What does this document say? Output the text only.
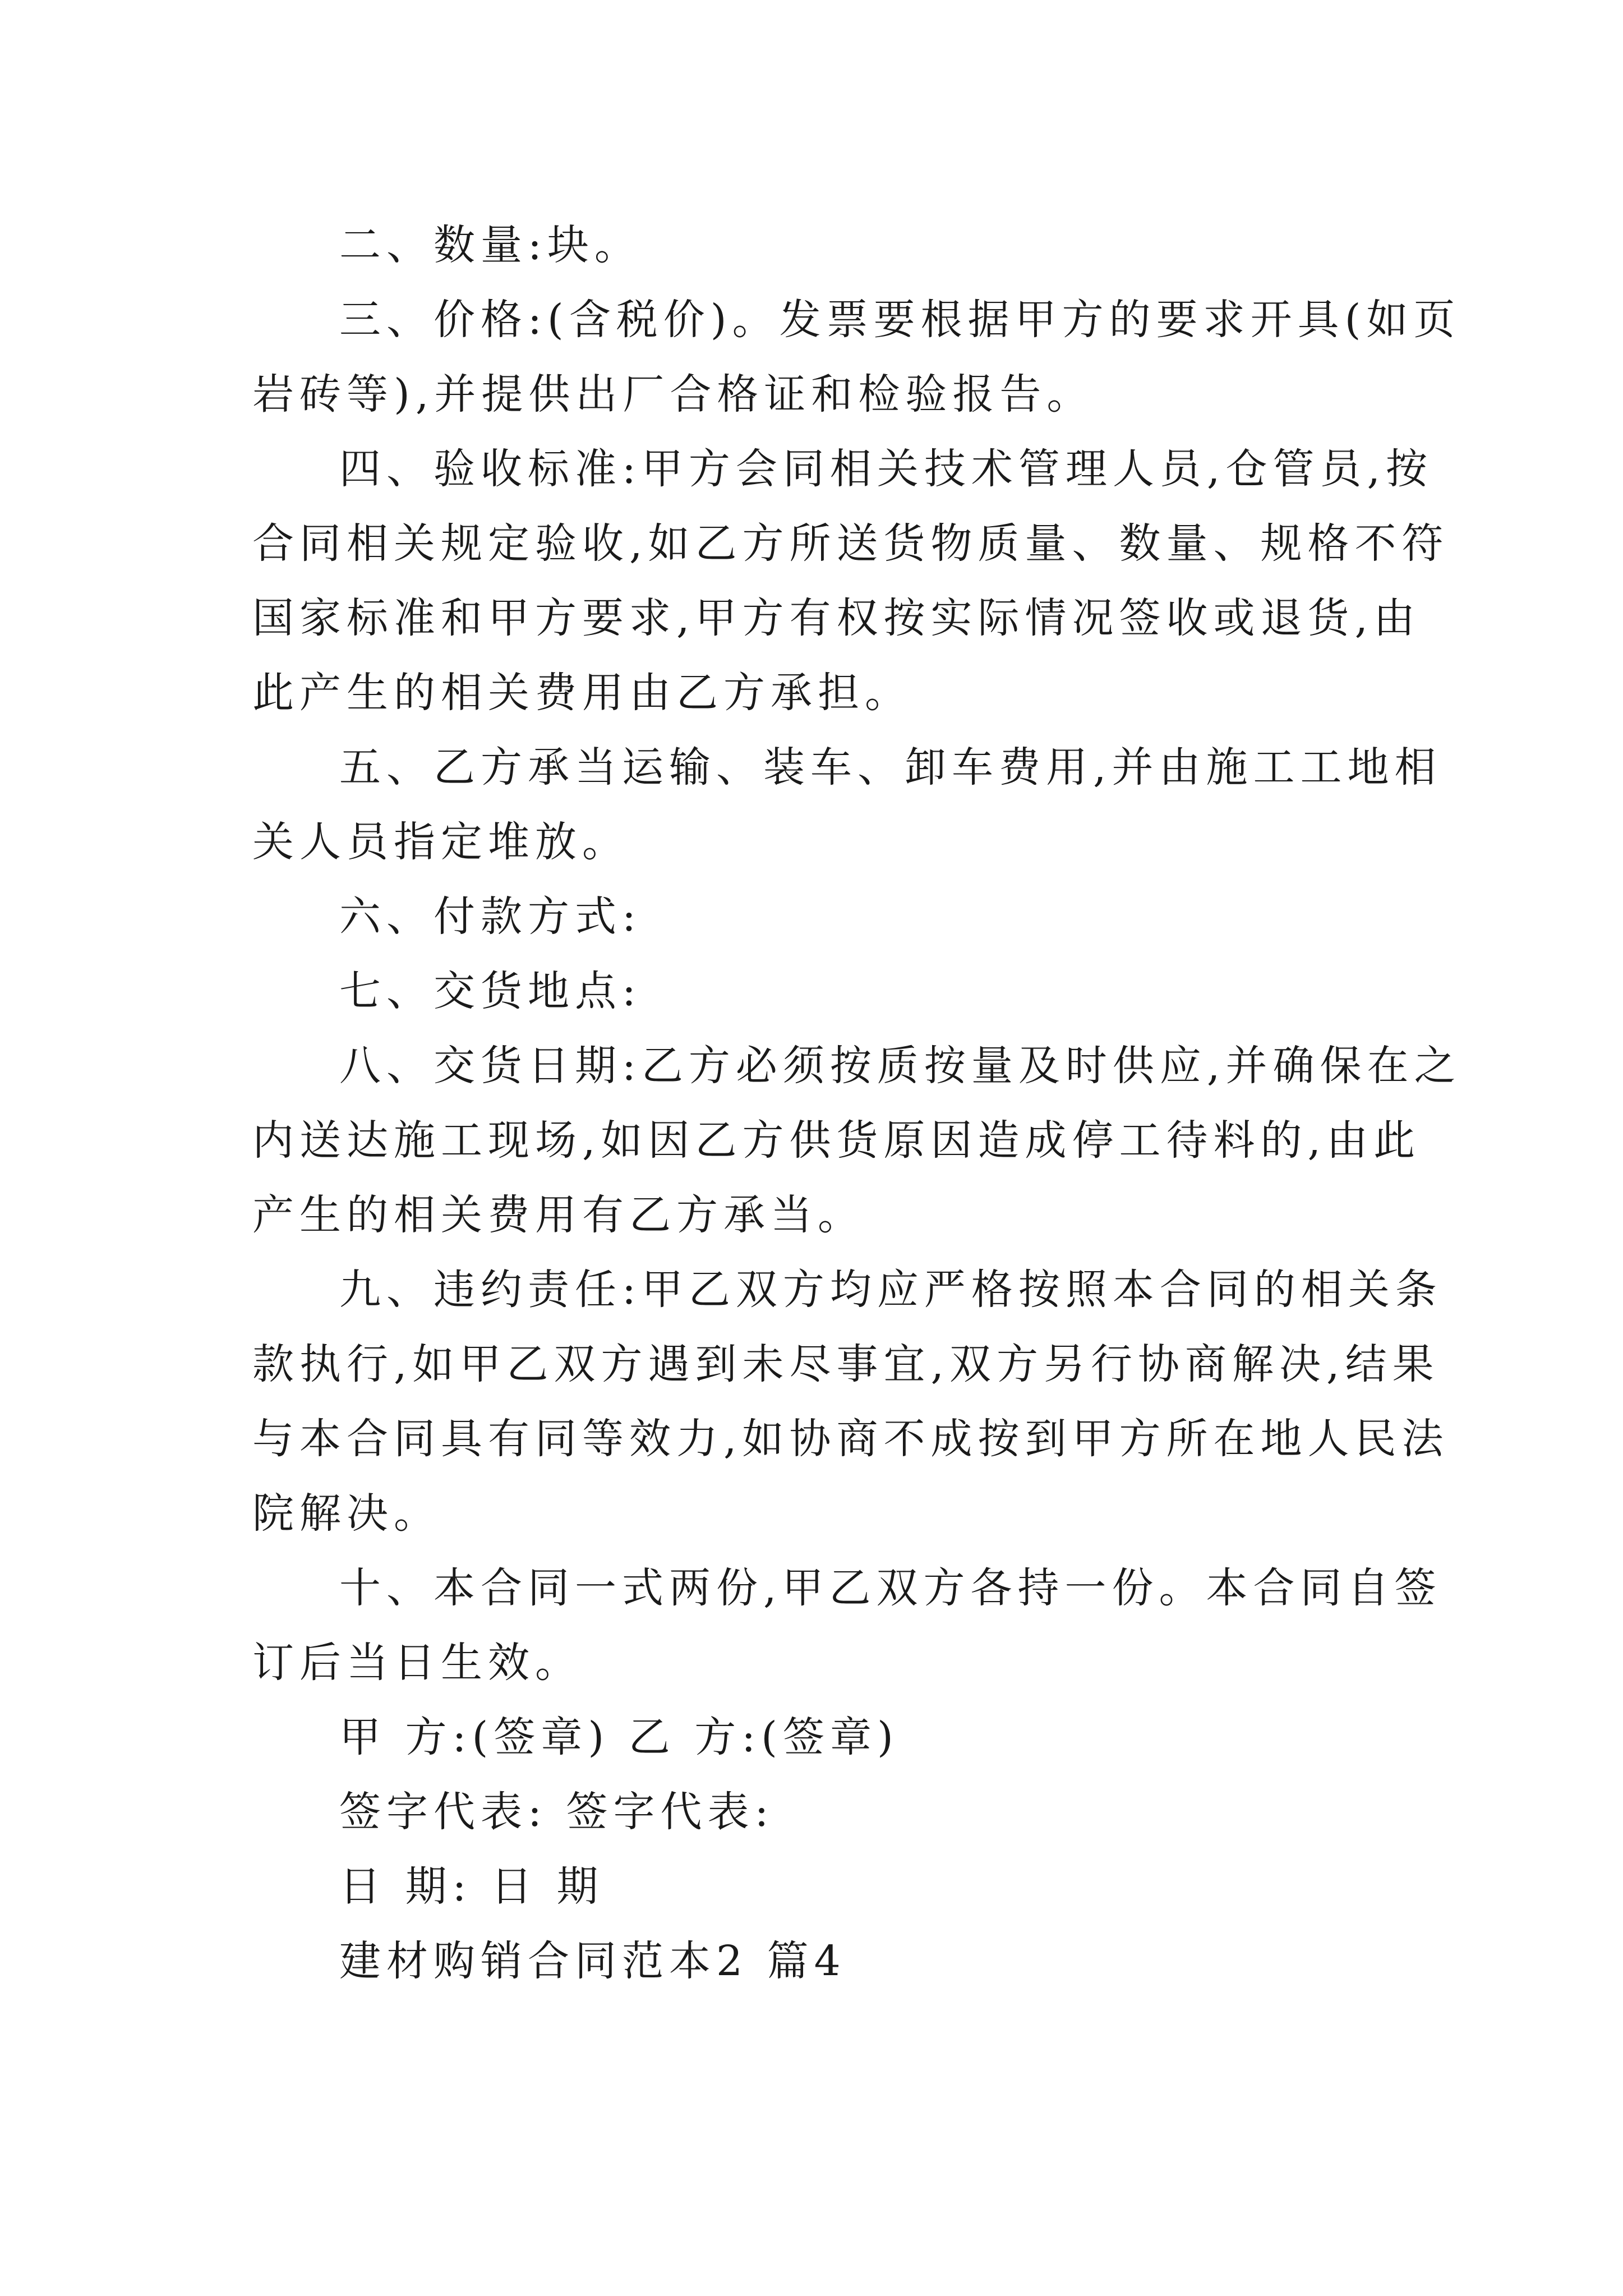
二、数量:块。
三、价格:(含税价)。发票要根据甲方的要求开具(如页
岩砖等),并提供出厂合格证和检验报告。
四、验收标准:甲方会同相关技术管理人员,仓管员,按
合同相关规定验收,如乙方所送货物质量、数量、规格不符
国家标准和甲方要求,甲方有权按实际情况签收或退货,由
此产生的相关费用由乙方承担。
五、乙方承当运输、装车、卸车费用,并由施工工地相
关人员指定堆放。
六、付款方式:
七、交货地点:
八、交货日期:乙方必须按质按量及时供应,并确保在之
内送达施工现场,如因乙方供货原因造成停工待料的,由此
产生的相关费用有乙方承当。
九、违约责任:甲乙双方均应严格按照本合同的相关条
款执行,如甲乙双方遇到未尽事宜,双方另行协商解决,结果
与本合同具有同等效力,如协商不成按到甲方所在地人民法
院解决。
十、本合同一式两份,甲乙双方各持一份。本合同自签
订后当日生效。
甲 方:(签章) 乙 方:(签章)
签字代表: 签字代表:
日 期: 日 期
建材购销合同范本2 篇4
